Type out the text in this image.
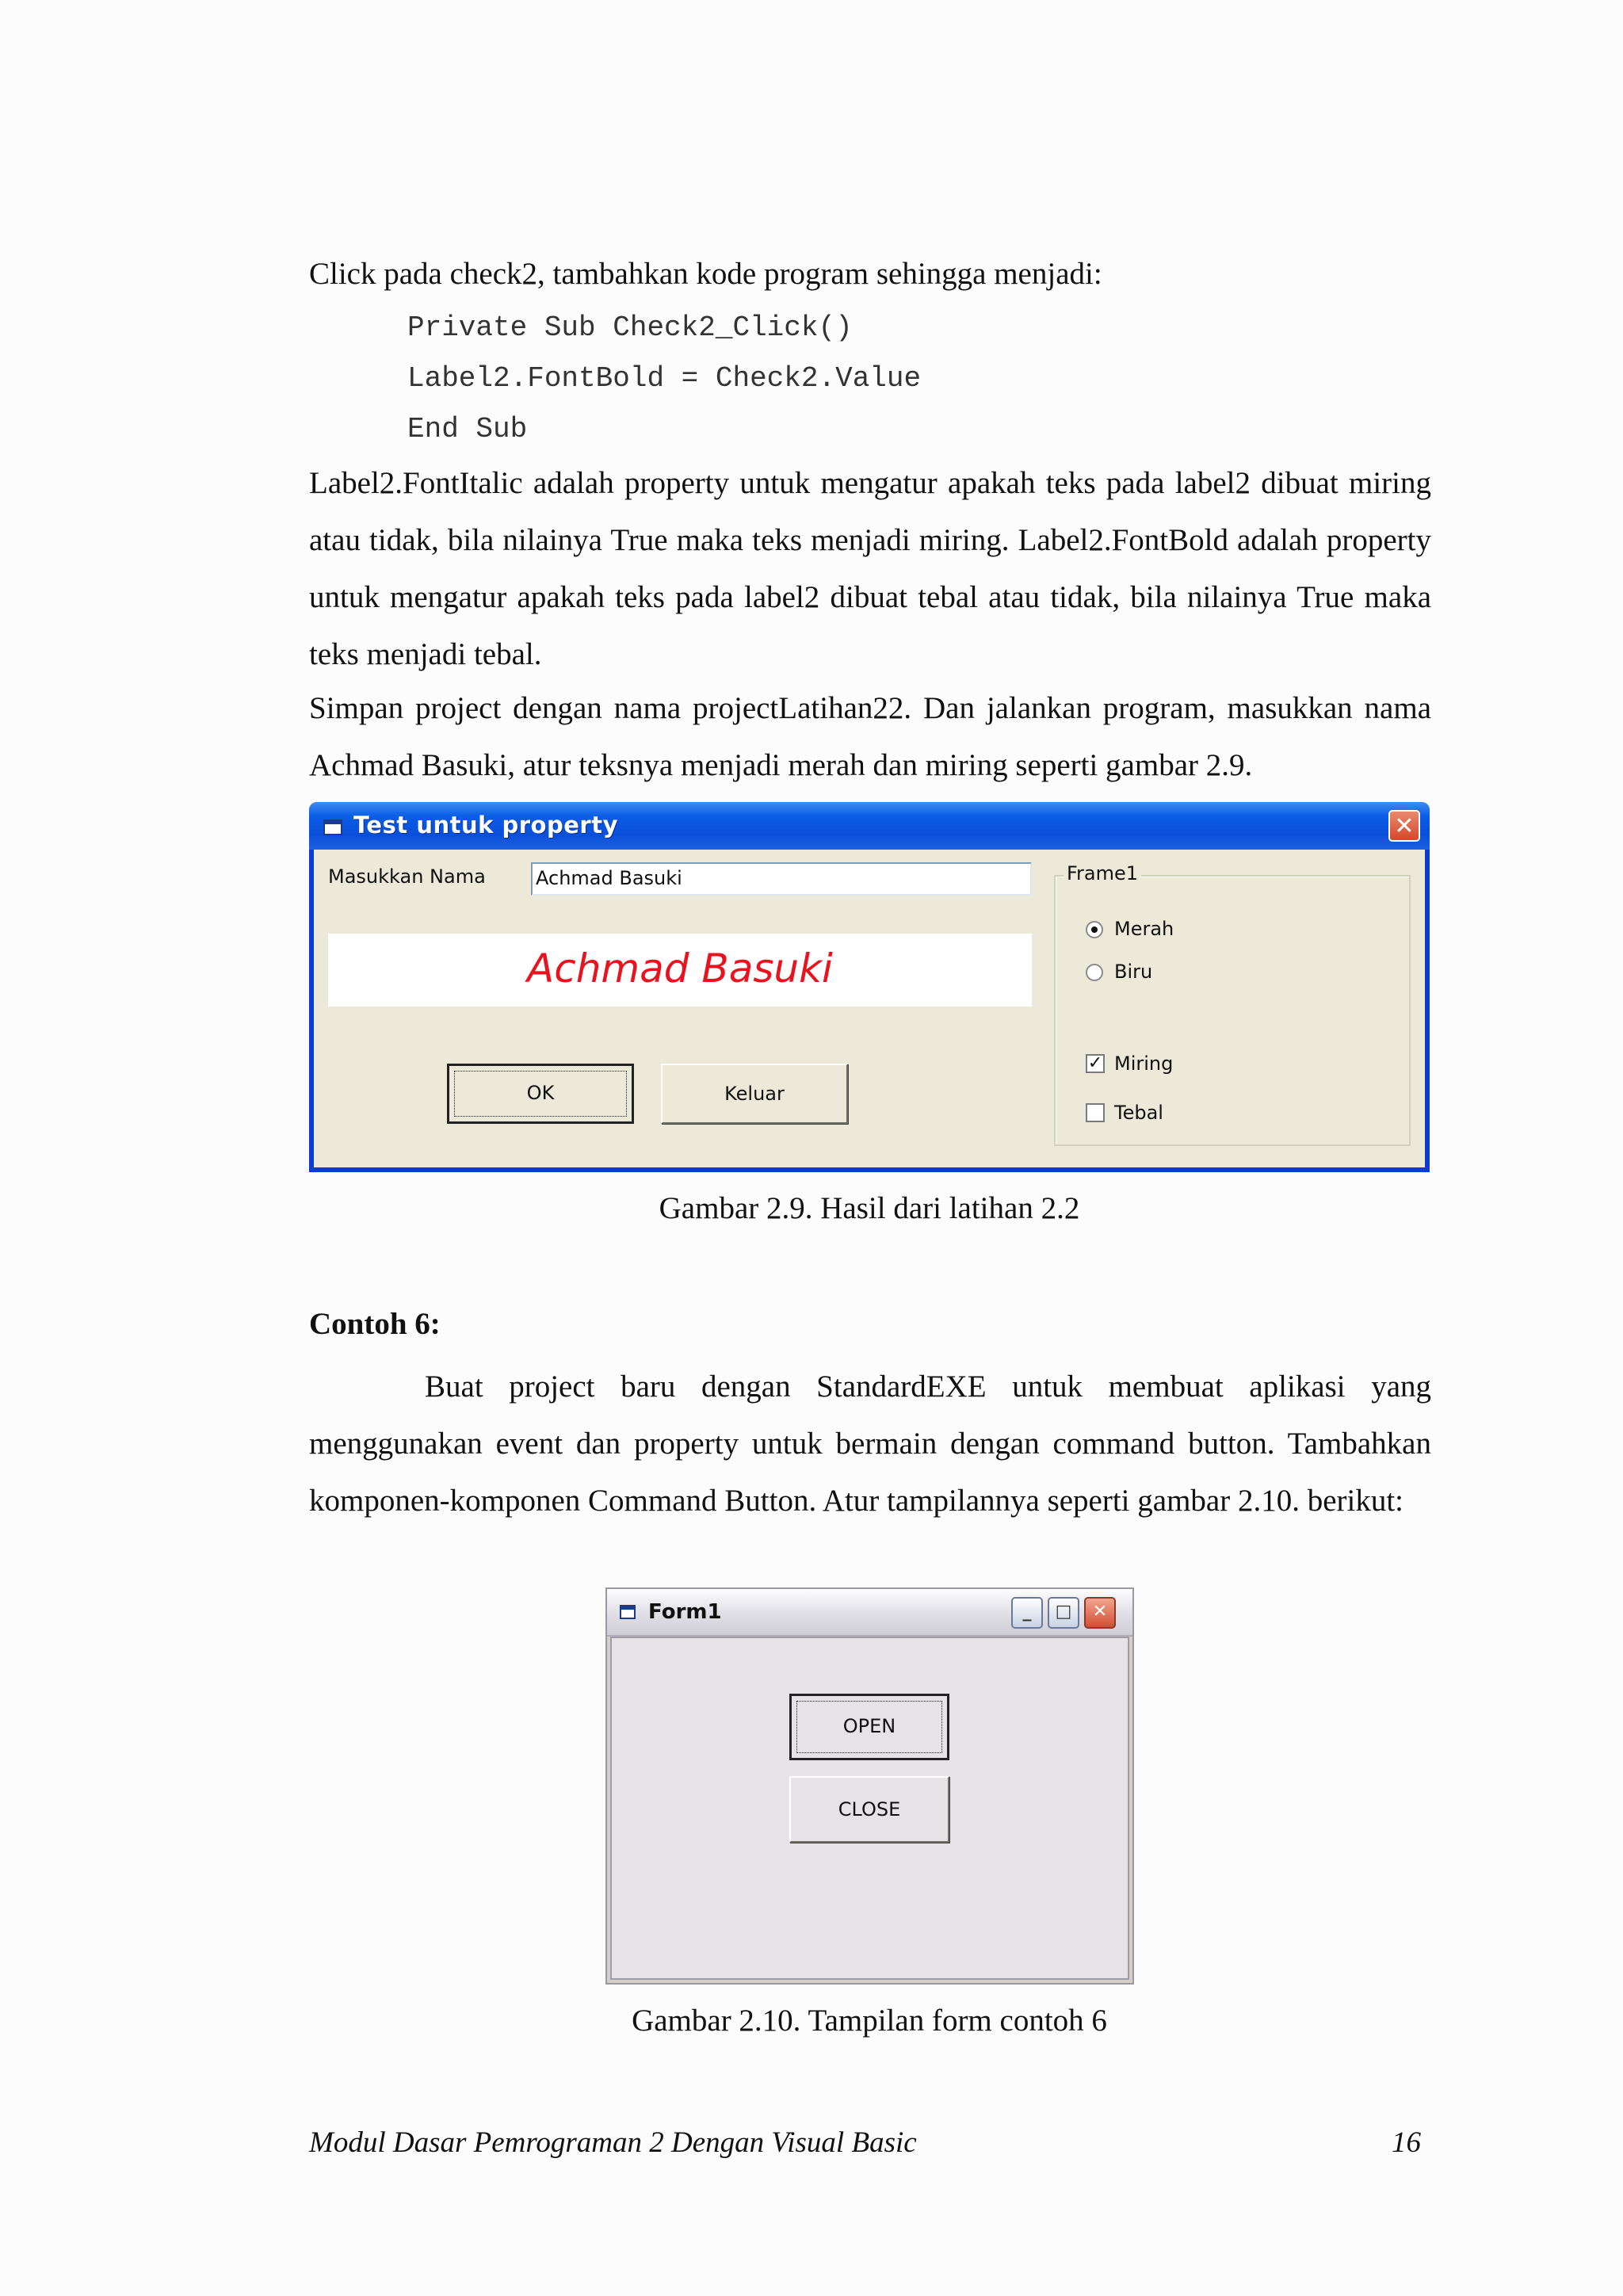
Click pada check2, tambahkan kode program sehingga menjadi:
Private Sub Check2_Click()
Label2.FontBold = Check2.Value
End Sub
Label2.FontItalic adalah property untuk mengatur apakah teks pada label2 dibuat miring atau tidak, bila nilainya True maka teks menjadi miring. Label2.FontBold adalah property untuk mengatur apakah teks pada label2 dibuat tebal atau tidak, bila nilainya True maka teks menjadi tebal.
Simpan project dengan nama projectLatihan22. Dan jalankan program, masukkan nama Achmad Basuki, atur teksnya menjadi merah dan miring seperti gambar 2.9.
Test untuk property	✕
Masukkan Nama	Achmad Basuki
Achmad Basuki
OK	Keluar
Frame1
Merah
Biru
✓ Miring
Tebal
Gambar 2.9. Hasil dari latihan 2.2
Contoh 6:
Buat project baru dengan StandardEXE untuk membuat aplikasi yang menggunakan event dan property untuk bermain dengan command button. Tambahkan komponen-komponen Command Button. Atur tampilannya seperti gambar 2.10. berikut:
Form1	_	□	✕
OPEN
CLOSE
Gambar 2.10. Tampilan form contoh 6
Modul Dasar Pemrograman 2 Dengan Visual Basic	16
